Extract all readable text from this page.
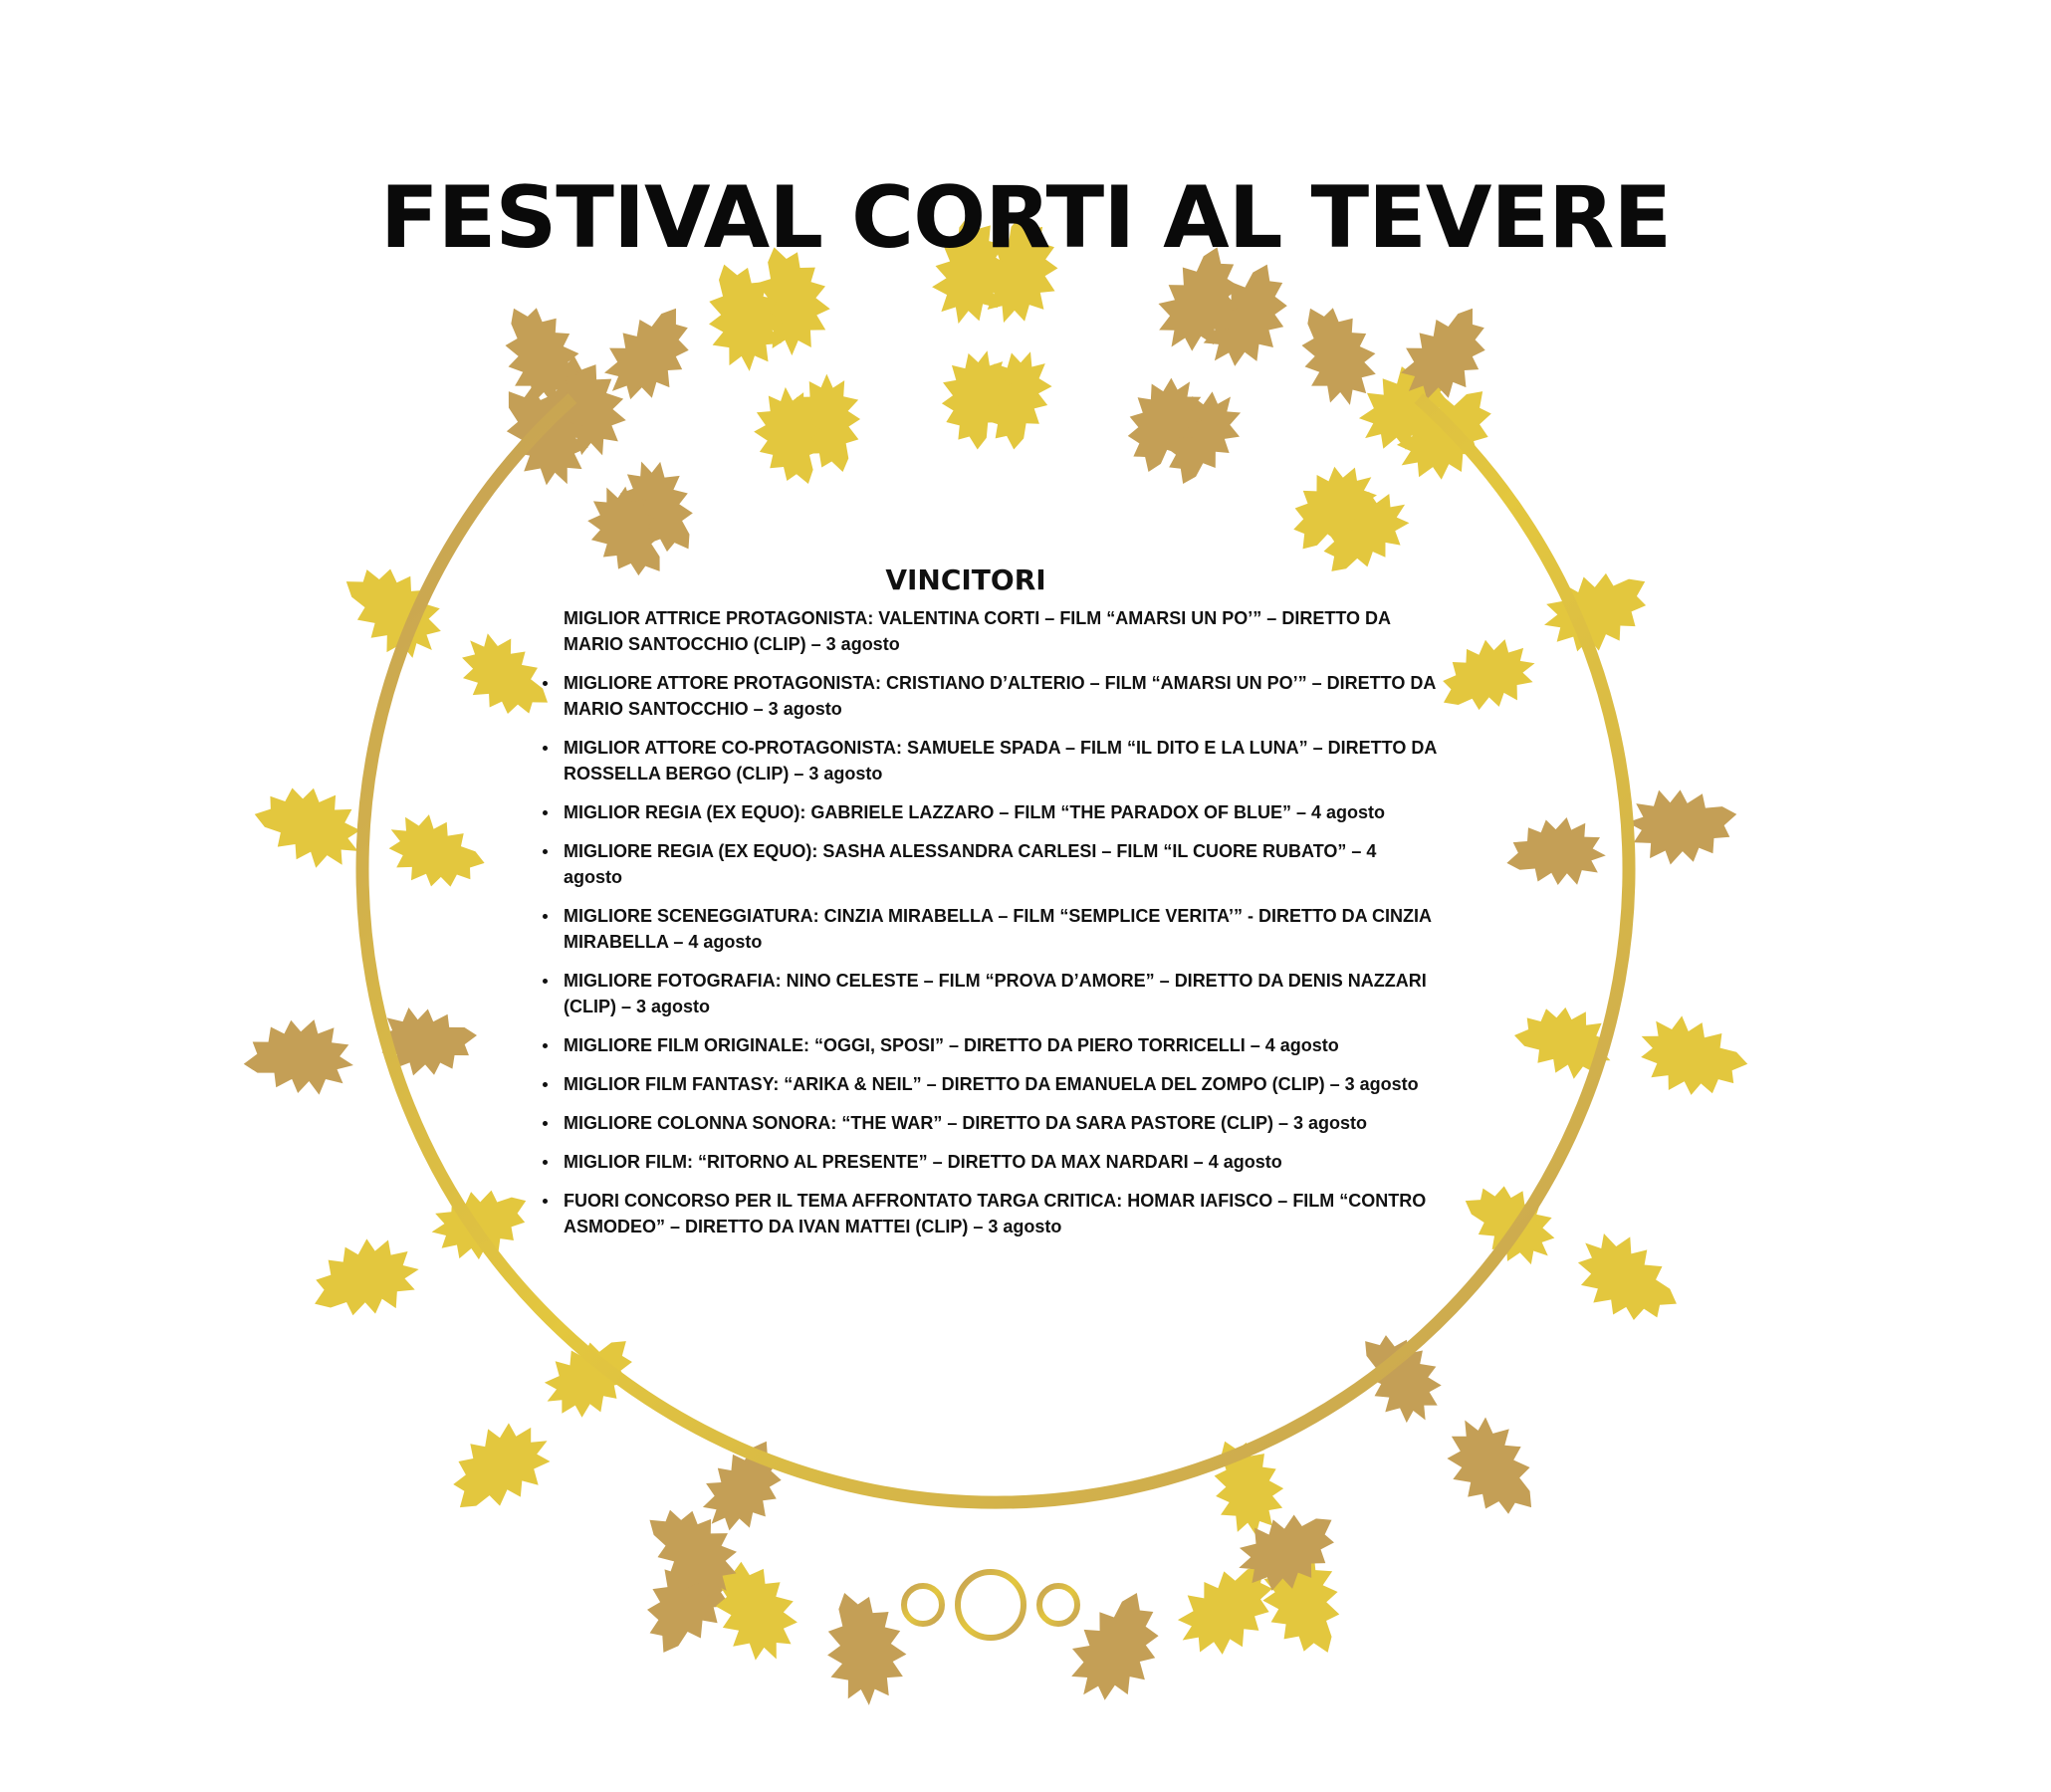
FESTIVAL CORTI AL TEVERE
VINCITORI
MIGLIOR ATTRICE PROTAGONISTA: VALENTINA CORTI – FILM “AMARSI UN PO’” – DIRETTO DA MARIO SANTOCCHIO (CLIP) – 3 agosto
MIGLIORE ATTORE PROTAGONISTA: CRISTIANO D’ALTERIO – FILM “AMARSI UN PO’” – DIRETTO DA MARIO SANTOCCHIO – 3 agosto
MIGLIOR ATTORE CO-PROTAGONISTA: SAMUELE SPADA – FILM “IL DITO E LA LUNA” – DIRETTO DA ROSSELLA BERGO (CLIP) – 3 agosto
MIGLIOR REGIA (EX EQUO): GABRIELE LAZZARO – FILM “THE PARADOX OF BLUE” – 4 agosto
MIGLIORE REGIA (EX EQUO): SASHA ALESSANDRA CARLESI – FILM “IL CUORE RUBATO” – 4 agosto
MIGLIORE SCENEGGIATURA: CINZIA MIRABELLA – FILM “SEMPLICE VERITA’” - DIRETTO DA CINZIA MIRABELLA – 4 agosto
MIGLIORE FOTOGRAFIA: NINO CELESTE – FILM “PROVA D’AMORE” – DIRETTO DA DENIS NAZZARI (CLIP) – 3 agosto
MIGLIORE FILM ORIGINALE: “OGGI, SPOSI” – DIRETTO DA PIERO TORRICELLI – 4 agosto
MIGLIOR FILM FANTASY: “ARIKA & NEIL” – DIRETTO DA EMANUELA DEL ZOMPO (CLIP) – 3 agosto
MIGLIORE COLONNA SONORA: “THE WAR” – DIRETTO DA SARA PASTORE (CLIP) – 3 agosto
MIGLIOR FILM: “RITORNO AL PRESENTE” – DIRETTO DA MAX NARDARI – 4 agosto
FUORI CONCORSO PER IL TEMA AFFRONTATO TARGA CRITICA: HOMAR IAFISCO – FILM “CONTRO ASMODEO” – DIRETTO DA IVAN MATTEI (CLIP) – 3 agosto
